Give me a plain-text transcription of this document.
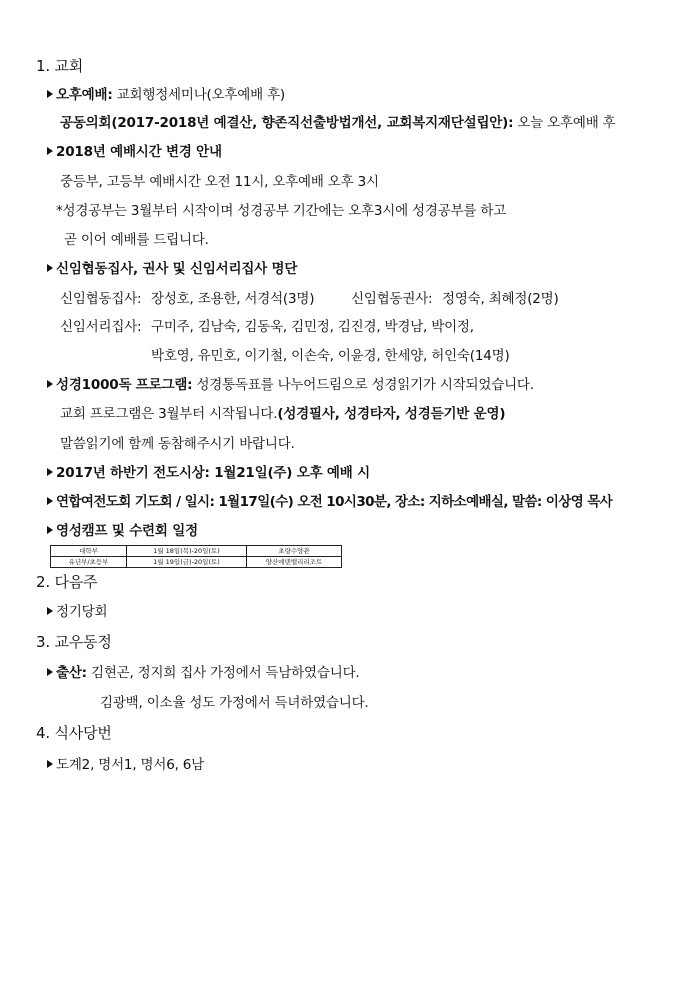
1. 교회
오후예배: 교회행정세미나(오후예배 후)
공동의회(2017-2018년 예결산, 향존직선출방법개선, 교회복지재단설립안): 오늘 오후예배 후
2018년 예배시간 변경 안내
중등부, 고등부 예배시간 오전 11시, 오후예배 오후 3시
*성경공부는 3월부터 시작이며 성경공부 기간에는 오후3시에 성경공부를 하고
곧 이어 예배를 드립니다.
신임협동집사, 권사 및 신임서리집사 명단
신임협동집사: 장성호, 조용한, 서경석(3명)	신임협동권사: 정영숙, 최혜정(2명)
신임서리집사: 구미주, 김남숙, 김동욱, 김민정, 김진경, 박경남, 박이정,
박호영, 유민호, 이기철, 이손숙, 이윤경, 한세양, 허인숙(14명)
성경1000독 프로그램: 성경통독표를 나누어드림으로 성경읽기가 시작되었습니다.
교회 프로그램은 3월부터 시작됩니다.(성경필사, 성경타자, 성경듣기반 운영)
말씀읽기에 함께 동참해주시기 바랍니다.
2017년 하반기 전도시상: 1월21일(주) 오후 예배 시
연합여전도회 기도회 / 일시: 1월17일(수) 오전 10시30분, 장소: 지하소예배실, 말씀: 이상영 목사
영성캠프 및 수련회 일정
대학부	1월 18일(목)-20일(토)	초량수양관
유년부/초등부	1월 19일(금)-20일(토)	양산에덴밸리리조트
2. 다음주
정기당회
3. 교우동정
출산: 김현곤, 정지희 집사 가정에서 득남하였습니다.
김광백, 이소율 성도 가정에서 득녀하였습니다.
4. 식사당번
도계2, 명서1, 명서6, 6남
